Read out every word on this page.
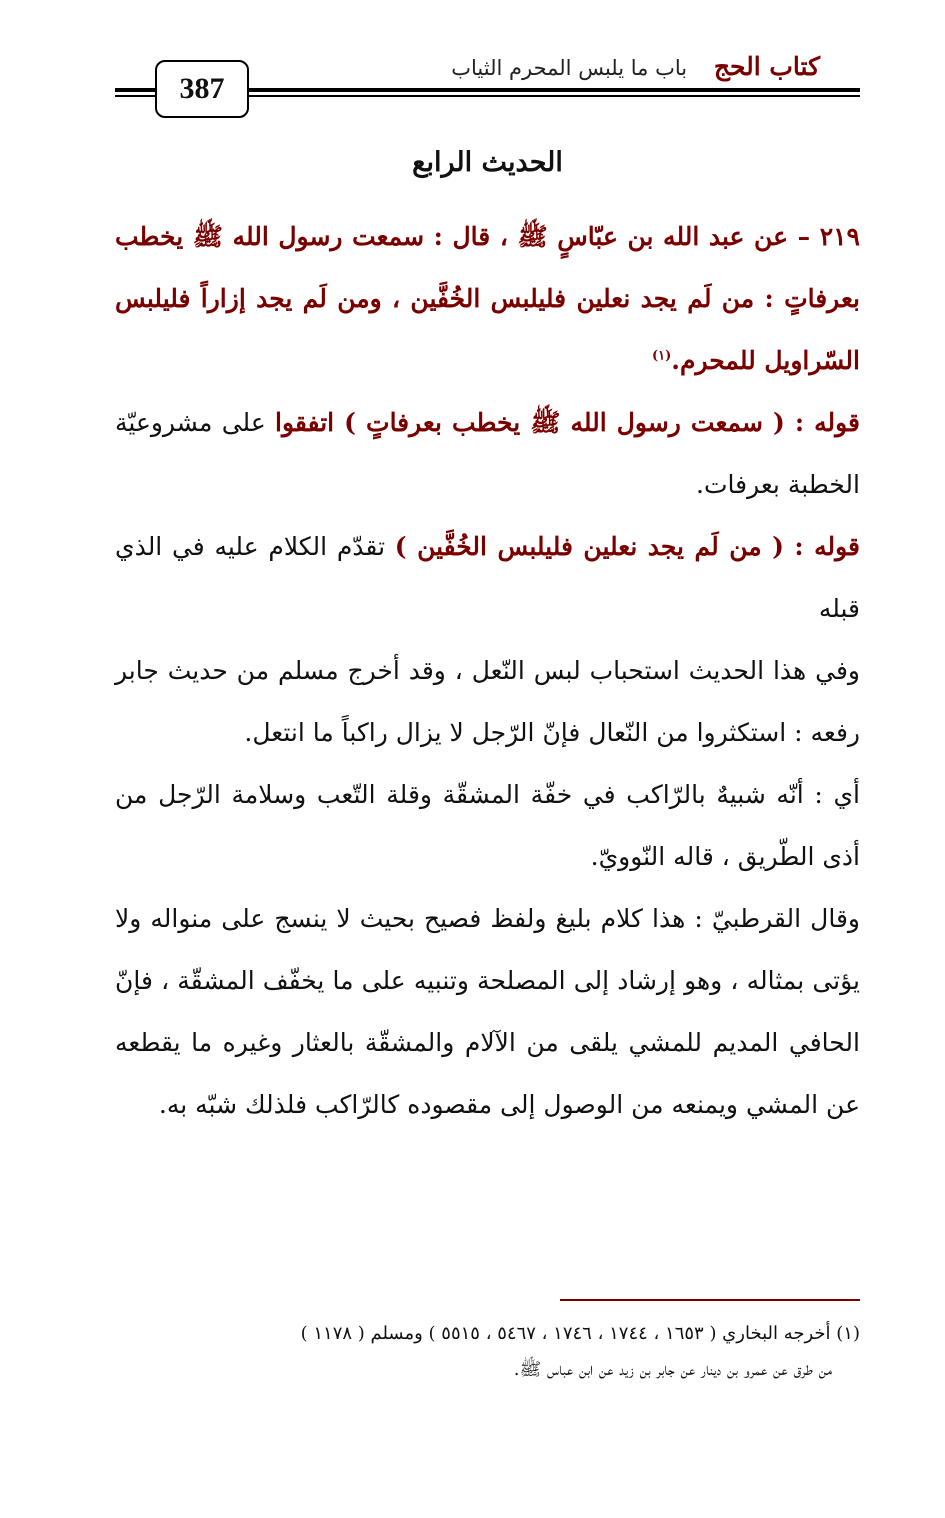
كتاب الحج    باب ما يلبس المحرم الثياب
387
الحديث الرابع

٢١٩ – عن عبد الله بن عبّاسٍ ﷺ ، قال : سمعت رسول الله ﷺ يخطب بعرفاتٍ : من لَم يجد نعلين فليلبس الخُفَّين ، ومن لَم يجد إزاراً فليلبس السّراويل للمحرم.$^{(١)}$

قوله : ( سمعت رسول الله ﷺ يخطب بعرفاتٍ ) اتفقوا على مشروعيّة الخطبة بعرفات.

قوله : ( من لَم يجد نعلين فليلبس الخُفَّين ) تقدّم الكلام عليه في الذي قبله

وفي هذا الحديث استحباب لبس النّعل ، وقد أخرج مسلم من حديث جابر رفعه : استكثروا من النّعال فإنّ الرّجل لا يزال راكباً ما انتعل.

أي : أنّه شبيهٌ بالرّاكب في خفّة المشقّة وقلة التّعب وسلامة الرّجل من أذى الطّريق ، قاله النّوويّ.

وقال القرطبيّ : هذا كلام بليغ ولفظ فصيح بحيث لا ينسج على منواله ولا يؤتى بمثاله ، وهو إرشاد إلى المصلحة وتنبيه على ما يخفّف المشقّة ، فإنّ الحافي المديم للمشي يلقى من الآلام والمشقّة بالعثار وغيره ما يقطعه عن المشي ويمنعه من الوصول إلى مقصوده كالرّاكب فلذلك شبّه به.

(١) أخرجه البخاري ( ١٦٥٣ ، ١٧٤٤ ، ١٧٤٦ ، ٥٤٦٧ ، ٥٥١٥ ) ومسلم ( ١١٧٨ )

من طرق عن عمرو بن دينار عن جابر بن زيد عن ابن عباس ﷺ.
